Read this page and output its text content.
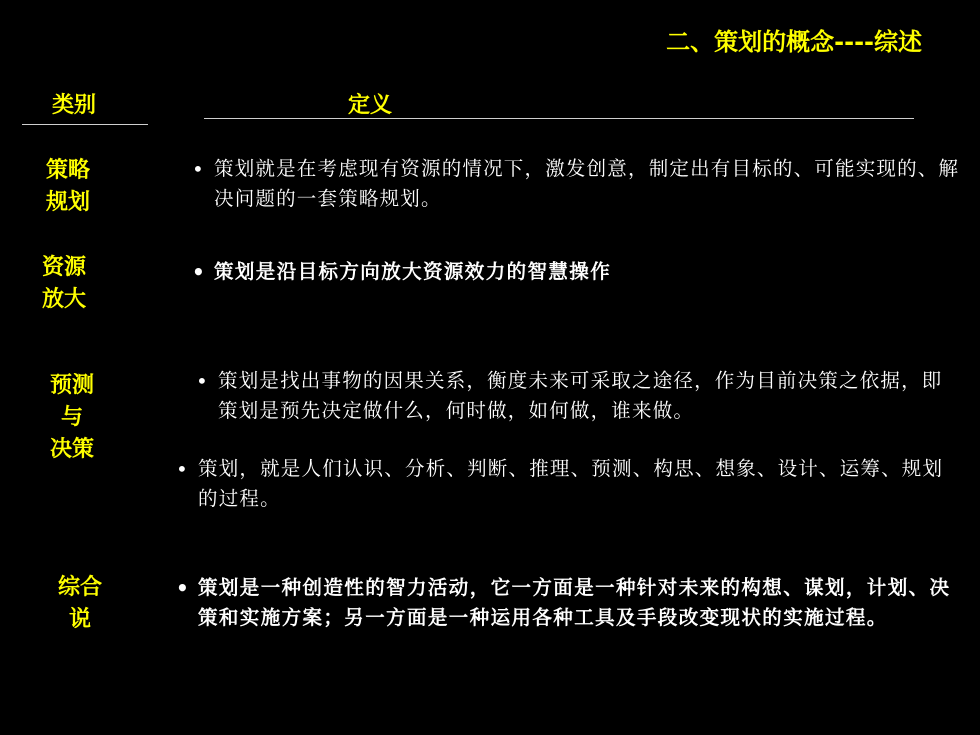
二、策划的概念----综述
类别	定义
策略
规划
• 策划就是在考虑现有资源的情况下，激发创意，制定出有目标的、可能实现的、解决问题的一套策略规划。
资源
放大
• 策划是沿目标方向放大资源效力的智慧操作
预测
与
决策
• 策划是找出事物的因果关系，衡度未来可采取之途径，作为目前决策之依据，即策划是预先决定做什么，何时做，如何做，谁来做。
• 策划，就是人们认识、分析、判断、推理、预测、构思、想象、设计、运筹、规划的过程。
综合
说
• 策划是一种创造性的智力活动，它一方面是一种针对未来的构想、谋划，计划、决策和实施方案；另一方面是一种运用各种工具及手段改变现状的实施过程。
